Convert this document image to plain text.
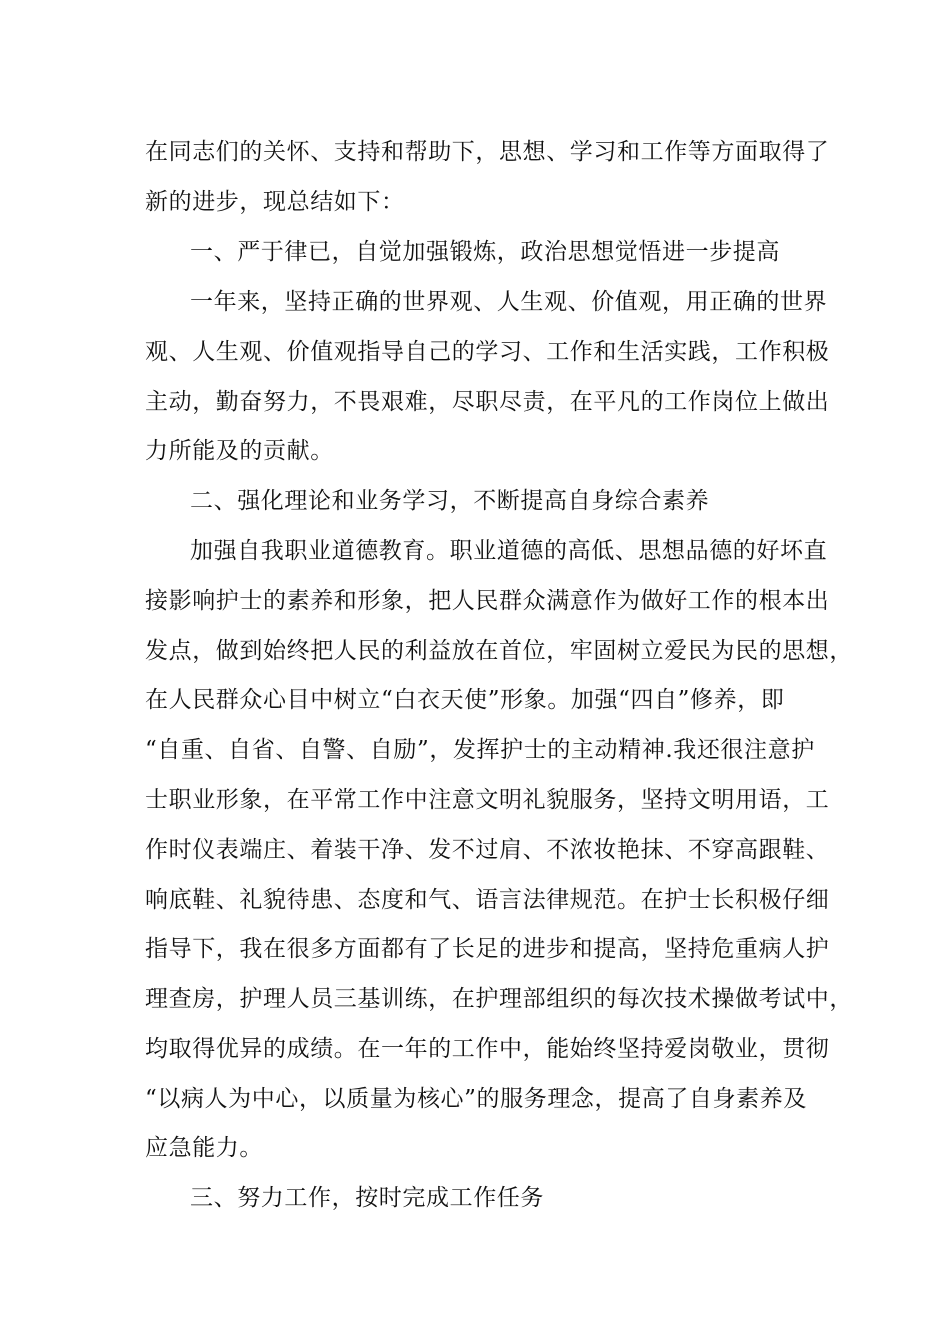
在同志们的关怀、支持和帮助下，思想、学习和工作等方面取得了
新的进步，现总结如下：
一、严于律已，自觉加强锻炼，政治思想觉悟进一步提高
一年来，坚持正确的世界观、人生观、价值观，用正确的世界
观、人生观、价值观指导自己的学习、工作和生活实践，工作积极
主动，勤奋努力，不畏艰难，尽职尽责，在平凡的工作岗位上做出
力所能及的贡献。
二、强化理论和业务学习，不断提高自身综合素养
加强自我职业道德教育。职业道德的高低、思想品德的好坏直
接影响护士的素养和形象，把人民群众满意作为做好工作的根本出
发点，做到始终把人民的利益放在首位，牢固树立爱民为民的思想，
在人民群众心目中树立“白衣天使”形象。加强“四自”修养，即
“自重、自省、自警、自励”，发挥护士的主动精神.我还很注意护
士职业形象，在平常工作中注意文明礼貌服务，坚持文明用语，工
作时仪表端庄、着装干净、发不过肩、不浓妆艳抹、不穿高跟鞋、
响底鞋、礼貌待患、态度和气、语言法律规范。在护士长积极仔细
指导下，我在很多方面都有了长足的进步和提高，坚持危重病人护
理查房，护理人员三基训练，在护理部组织的每次技术操做考试中，
均取得优异的成绩。在一年的工作中，能始终坚持爱岗敬业，贯彻
“以病人为中心，以质量为核心”的服务理念，提高了自身素养及
应急能力。
三、努力工作，按时完成工作任务
